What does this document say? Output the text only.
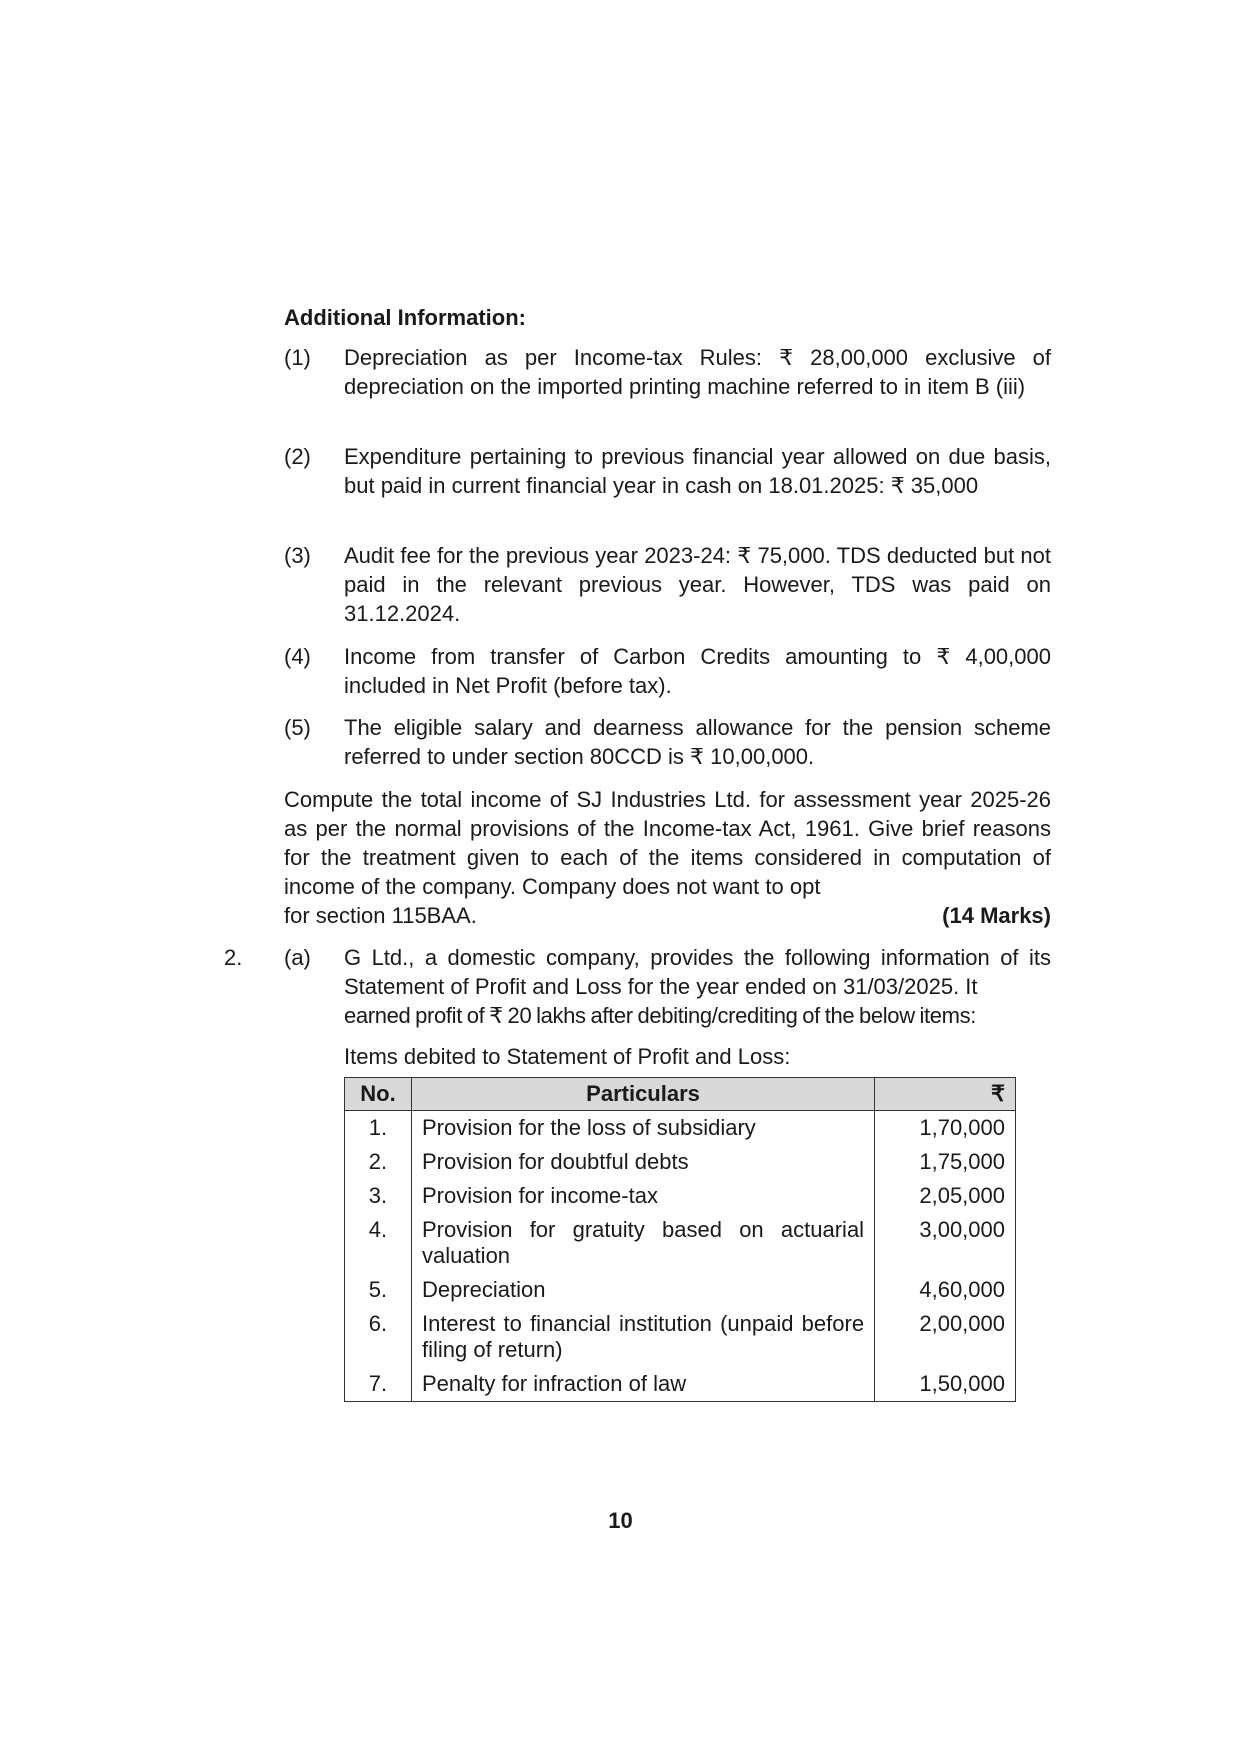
Additional Information:
(1) Depreciation as per Income-tax Rules: ₹ 28,00,000 exclusive of depreciation on the imported printing machine referred to in item B (iii)
(2) Expenditure pertaining to previous financial year allowed on due basis, but paid in current financial year in cash on 18.01.2025: ₹ 35,000
(3) Audit fee for the previous year 2023-24: ₹ 75,000. TDS deducted but not paid in the relevant previous year. However, TDS was paid on 31.12.2024.
(4) Income from transfer of Carbon Credits amounting to ₹ 4,00,000 included in Net Profit (before tax).
(5) The eligible salary and dearness allowance for the pension scheme referred to under section 80CCD is ₹ 10,00,000.
Compute the total income of SJ Industries Ltd. for assessment year 2025-26 as per the normal provisions of the Income-tax Act, 1961. Give brief reasons for the treatment given to each of the items considered in computation of income of the company. Company does not want to opt
for section 115BAA.	(14 Marks)
2. (a) G Ltd., a domestic company, provides the following information of its Statement of Profit and Loss for the year ended on 31/03/2025. It
earned profit of ₹ 20 lakhs after debiting/crediting of the below items:
Items debited to Statement of Profit and Loss:
No.	Particulars	₹
1.	Provision for the loss of subsidiary	1,70,000
2.	Provision for doubtful debts	1,75,000
3.	Provision for income-tax	2,05,000
4.	Provision for gratuity based on actuarial valuation	3,00,000
5.	Depreciation	4,60,000
6.	Interest to financial institution (unpaid before filing of return)	2,00,000
7.	Penalty for infraction of law	1,50,000
10
